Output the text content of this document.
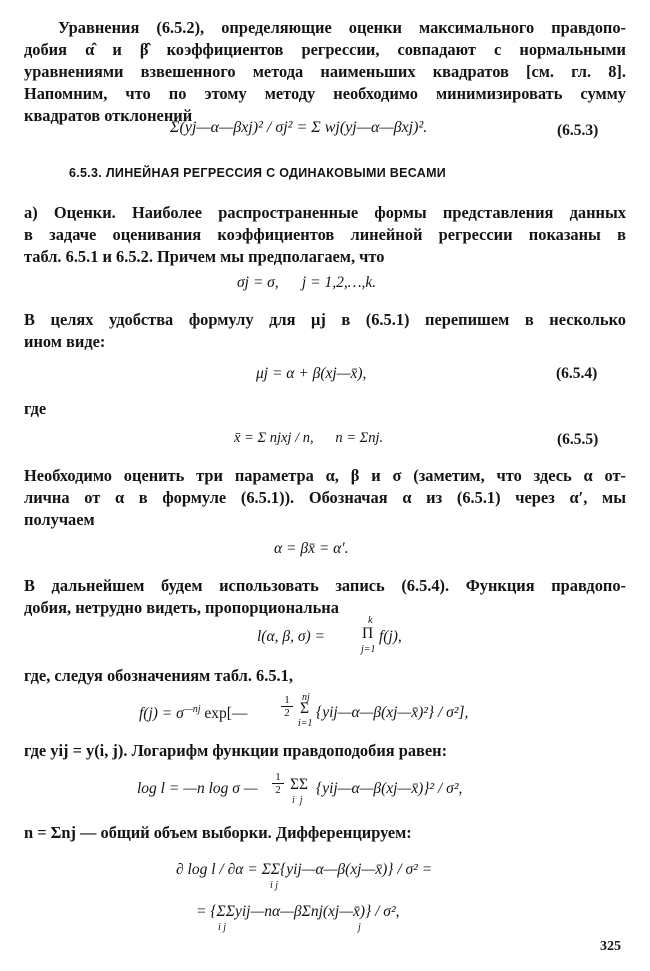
Уравнения (6.5.2), определяющие оценки максимального правдопо-
добия α̂ и β̂ коэффициентов регрессии, совпадают с нормальными
уравнениями взвешенного метода наименьших квадратов [см. гл. 8].
Напомним, что по этому методу необходимо минимизировать сумму
квадратов отклонений
Σ(yj—α—βxj)² / σj² = Σ wj(yj—α—βxj)².	(6.5.3)
6.5.3. ЛИНЕЙНАЯ РЕГРЕССИЯ С ОДИНАКОВЫМИ ВЕСАМИ
а) Оценки. Наиболее распространенные формы представления данных
в задаче оценивания коэффициентов линейной регрессии показаны в
табл. 6.5.1 и 6.5.2. Причем мы предполагаем, что
σj = σ,      j = 1,2,…,k.
В целях удобства формулу для μj в (6.5.1) перепишем в несколько
ином виде:
μj = α + β(xj—x̄),	(6.5.4)
где
x̄ = Σ njxj / n,      n = Σnj.	(6.5.5)
Необходимо оценить три параметра α, β и σ (заметим, что здесь α от-
лична от α в формуле (6.5.1)). Обозначая α из (6.5.1) через α′, мы
получаем
α = βx̄ = α′.
В дальнейшем будем использовать запись (6.5.4). Функция правдопо-
добия, нетрудно видеть, пропорциональна
l(α, β, σ) =
k
Π
j=1
f(j),
где, следуя обозначениям табл. 6.5.1,
$f(j) = \sigma^{—nj}$ exp[—	$\frac{1}{2}$ nj
Σ
i=1
{yij—α—β(xj—x̄)²} / σ²],
где yij = y(i, j). Логарифм функции правдоподобия равен:
log l = —n log σ — $\frac{1}{2}$ ΣΣ
i  j
{yij—α—β(xj—x̄)}² / σ²,
n = Σnj — общий объем выборки. Дифференцируем:
∂ log l / ∂α = ΣΣ{yij—α—β(xj—x̄)} / σ² =
i j
= {ΣΣyij—nα—βΣnj(xj—x̄)} / σ²,
i j	j
325
